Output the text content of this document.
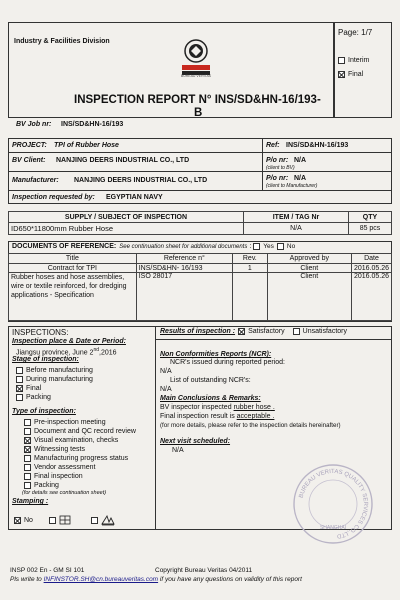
Industry & Facilities Division
BUREAU VERITAS
Page: 1/7
Interim
Final
INSPECTION REPORT N° INS/SD&HN-16/193-
B
BV Job nr: INS/SD&HN-16/193
PROJECT: TPI of Rubber Hose	Ref: INS/SD&HN-16/193
BV Client: NANJING DEERS INDUSTRIAL CO., LTD	P/o nr: N/A
(client to BV)
Manufacturer: NANJING DEERS INDUSTRIAL CO., LTD	P/o nr: N/A
(client to Manufacturer)
Inspection requested by: EGYPTIAN NAVY
SUPPLY / SUBJECT OF INSPECTION	ITEM / TAG Nr	QTY
ID650*11800mm Rubber Hose	N/A	85 pcs
DOCUMENTS OF REFERENCE: See continuation sheet for additional documents : Yes No
Title	Reference n°	Rev.	Approved by	Date
Contract for TPI	INS/SD&HN- 16/193	1	Client	2016.05.26
Rubber hoses and hose assemblies, wire or textile reinforced, for dredging applications - Specification	ISO 28017		Client	2016.05.26
INSPECTIONS:
Inspection place & Date or Period:
Jiangsu province, June 2nd,2016
Stage of inspection:
Before manufacturing
During manufacturing
Final
Packing
Type of inspection:
Pre-inspection meeting
Document and QC record review
Visual examination, checks
Witnessing tests
Manufacturing progress status
Vendor assessment
Final inspection
Packing
(for details see continuation sheet)
Stamping :
No
Results of inspection : Satisfactory	Unsatisfactory
Non Conformities Reports (NCR):
NCR's issued during reported period:
N/A
List of outstanding NCR's:
N/A
Main Conclusions & Remarks:
BV inspector inspected rubber hose .
Final inspection result is acceptable .
(for more details, please refer to the inspection details hereinafter)
Next visit scheduled:
N/A
BUREAU VERITAS QUALITY SERVICES CO.,LTD
SHANGHAI
INSP 002 En - GM SI 101	Copyright Bureau Veritas 04/2011
Pls write to INFINSTOR.SH@cn.bureauveritas.com if you have any questions on validity of this report
